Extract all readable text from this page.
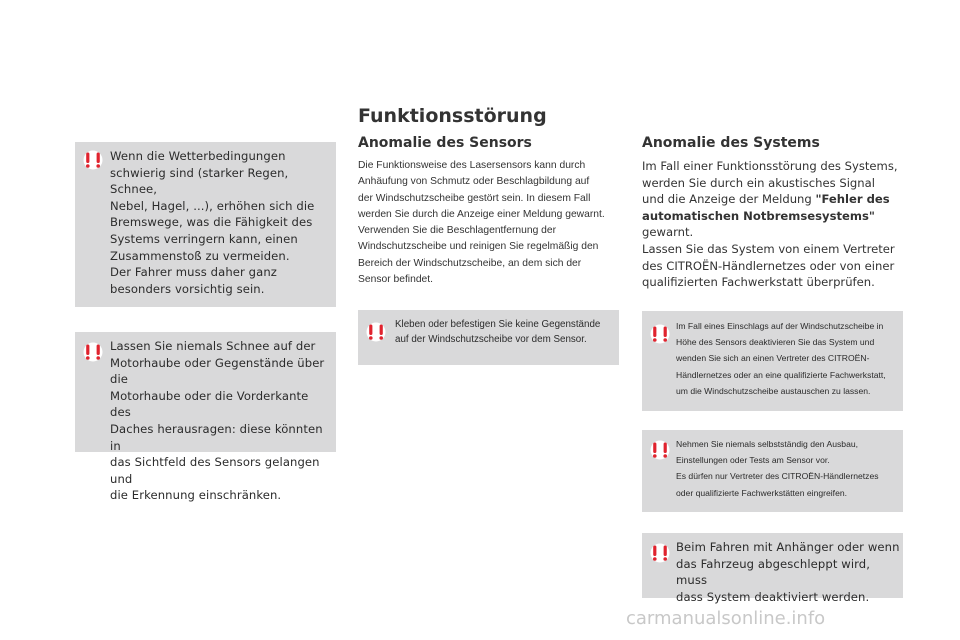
Wenn die Wetterbedingungen
schwierig sind (starker Regen, Schnee,
Nebel, Hagel, ...), erhöhen sich die
Bremswege, was die Fähigkeit des
Systems verringern kann, einen
Zusammenstoß zu vermeiden.
Der Fahrer muss daher ganz
besonders vorsichtig sein.
Lassen Sie niemals Schnee auf der
Motorhaube oder Gegenstände über die
Motorhaube oder die Vorderkante des
Daches herausragen: diese könnten in
das Sichtfeld des Sensors gelangen und
die Erkennung einschränken.
Funktionsstörung
Anomalie des Sensors
Die Funktionsweise des Lasersensors kann durch
Anhäufung von Schmutz oder Beschlagbildung auf
der Windschutzscheibe gestört sein. In diesem Fall
werden Sie durch die Anzeige einer Meldung gewarnt.
Verwenden Sie die Beschlagentfernung der
Windschutzscheibe und reinigen Sie regelmäßig den
Bereich der Windschutzscheibe, an dem sich der
Sensor befindet.
Kleben oder befestigen Sie keine Gegenstände
auf der Windschutzscheibe vor dem Sensor.
Anomalie des Systems
Im Fall einer Funktionsstörung des Systems,
werden Sie durch ein akustisches Signal
und die Anzeige der Meldung "Fehler des
automatischen Notbremsesystems"
gewarnt.
Lassen Sie das System von einem Vertreter
des CITROËN-Händlernetzes oder von einer
qualifizierten Fachwerkstatt überprüfen.
Im Fall eines Einschlags auf der Windschutzscheibe in
Höhe des Sensors deaktivieren Sie das System und
wenden Sie sich an einen Vertreter des CITROËN-
Händlernetzes oder an eine qualifizierte Fachwerkstatt,
um die Windschutzscheibe austauschen zu lassen.
Nehmen Sie niemals selbstständig den Ausbau,
Einstellungen oder Tests am Sensor vor.
Es dürfen nur Vertreter des CITROËN-Händlernetzes
oder qualifizierte Fachwerkstätten eingreifen.
Beim Fahren mit Anhänger oder wenn
das Fahrzeug abgeschleppt wird, muss
dass System deaktiviert werden.
carmanualsonline.info
